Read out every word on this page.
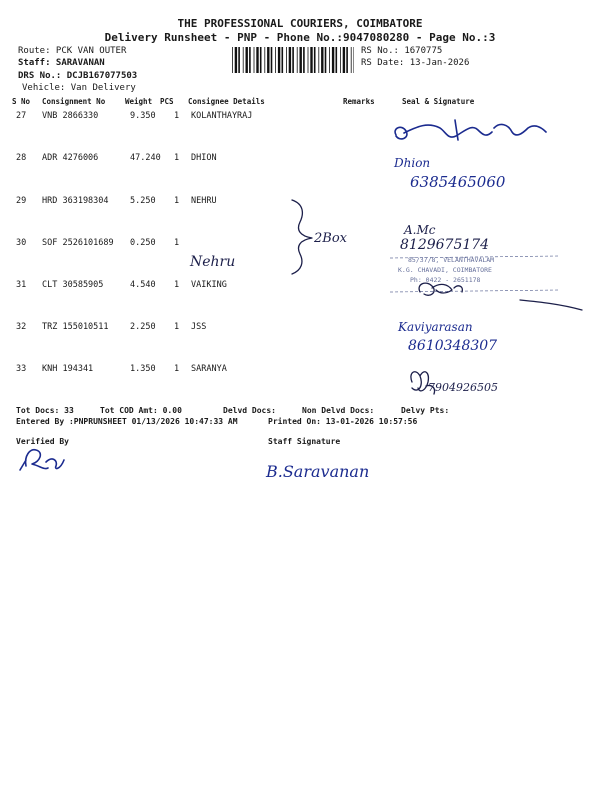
THE PROFESSIONAL COURIERS, COIMBATORE
Delivery Runsheet - PNP - Phone No.:9047080280 - Page No.:3
Route: PCK VAN OUTER
Staff: SARAVANAN
DRS No.: DCJB167077503
Vehicle: Van Delivery
RS No.: 1670775
RS Date: 13-Jan-2026
S No Consignment No	Weight PCS Consignee Details	Remarks	Seal & Signature
27 VNB 2866330	9.350 1 KOLANTHAYRAJ
28 ADR 4276006	47.240 1 DHION
29 HRD 363198304	5.250 1 NEHRU
30 SOF 2526101689 0.250 1
31 CLT 30585905	4.540 1 VAIKING
32 TRZ 155010511	2.250 1 JSS
33 KNH 194341	1.350 1 SARANYA
Tot Docs: 33	Tot COD Amt: 0.00	Delvd Docs:	Non Delvd Docs:	Delvy Pts:
Entered By :PNPRUNSHEET 01/13/2026 10:47:33 AM	Printed On: 13-01-2026 10:57:56
Verified By	Staff Signature
Dhion
6385465060
Nehru
2Box
A.Mc
8129675174
85/37/8, VELANTHAVALAM
K.G. CHAVADI, COIMBATORE
Ph: 0422 - 2651178
Kaviyarasan
8610348307
7904926505
B.Saravanan
